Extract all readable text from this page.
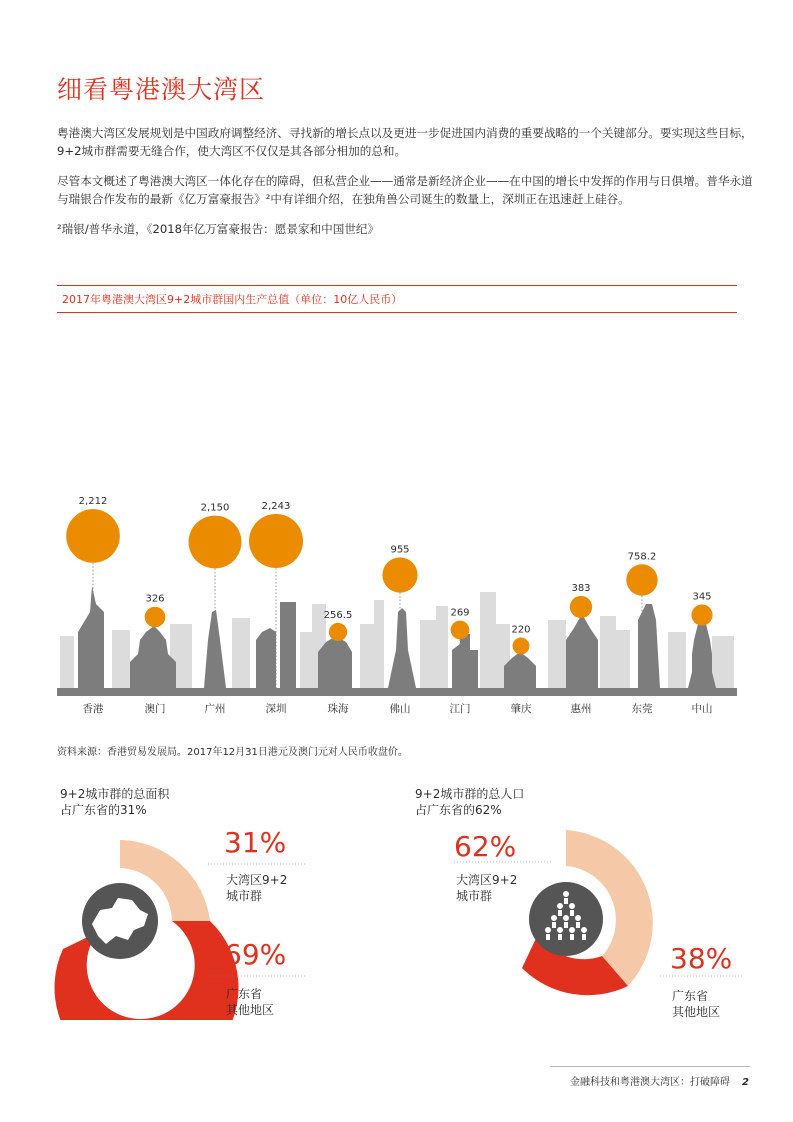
细看粤港澳大湾区
粤港澳大湾区发展规划是中国政府调整经济、寻找新的增长点以及更进一步促进国内消费的重要战略的一个关键部分。要实现这些目标，9+2城市群需要无缝合作，使大湾区不仅仅是其各部分相加的总和。
尽管本文概述了粤港澳大湾区一体化存在的障碍，但私营企业——通常是新经济企业——在中国的增长中发挥的作用与日俱增。普华永道与瑞银合作发布的最新《亿万富豪报告》²中有详细介绍，在独角兽公司诞生的数量上，深圳正在迅速赶上硅谷。
²瑞银/普华永道，《2018年亿万富豪报告：愿景家和中国世纪》
2017年粤港澳大湾区9+2城市群国内生产总值（单位：10亿人民币）
2,212
香港
326
澳门
2,150
广州
2,243
深圳
256.5
珠海
955
佛山
269
江门
220
肇庆
383
惠州
758.2
东莞
345
中山
资料来源：香港贸易发展局。2017年12月31日港元及澳门元对人民币收盘价。
9+2城市群的总面积
占广东省的31%
31%
大湾区9+2
城市群
69%
广东省
其他地区
9+2城市群的总人口
占广东省的62%
62%
大湾区9+2
城市群
38%
广东省
其他地区
金融科技和粤港澳大湾区：打破障碍 2
